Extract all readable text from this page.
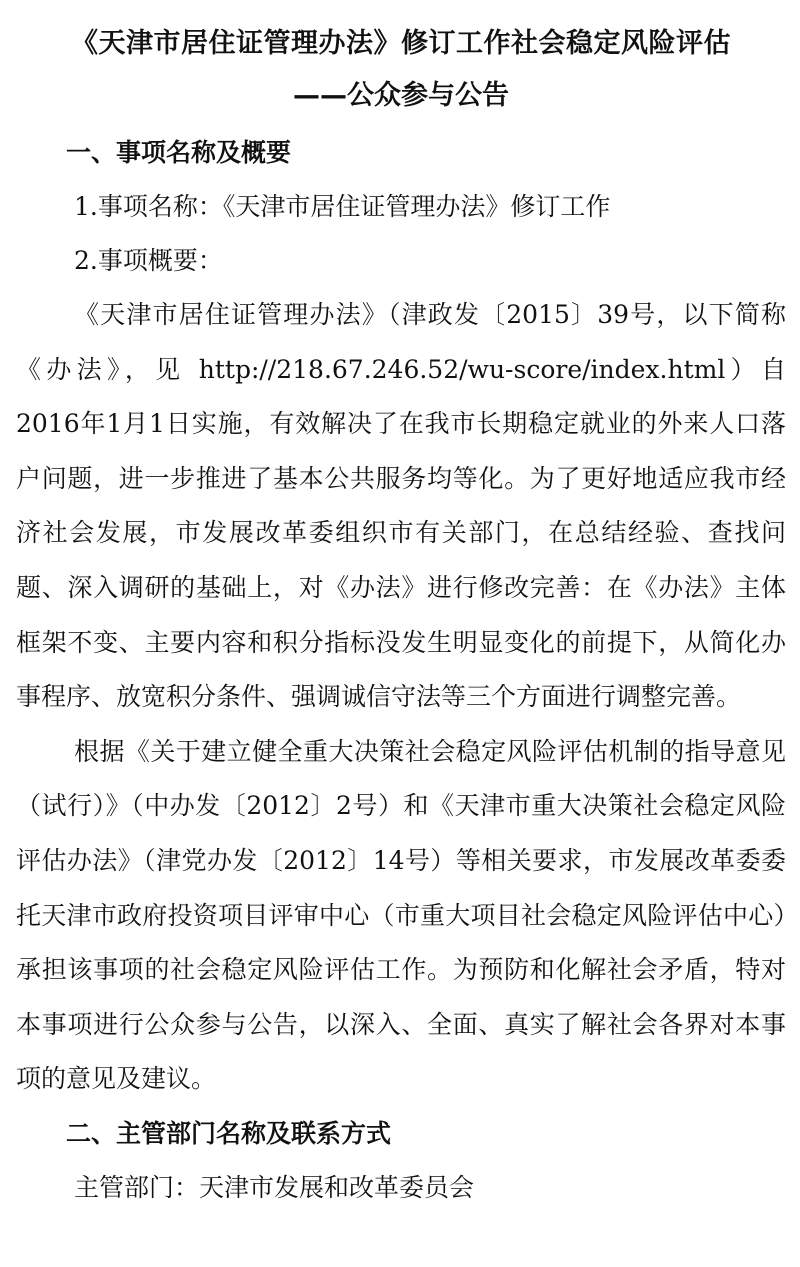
《天津市居住证管理办法》修订工作社会稳定风险评估
——公众参与公告
一、事项名称及概要

1.事项名称：《天津市居住证管理办法》修订工作

2.事项概要：

《天津市居住证管理办法》（津政发〔2015〕39号，以下简称《办法》，见 http://218.67.246.52/wu-score/index.html）自2016年1月1日实施，有效解决了在我市长期稳定就业的外来人口落户问题，进一步推进了基本公共服务均等化。为了更好地适应我市经济社会发展，市发展改革委组织市有关部门，在总结经验、查找问题、深入调研的基础上，对《办法》进行修改完善：在《办法》主体框架不变、主要内容和积分指标没发生明显变化的前提下，从简化办事程序、放宽积分条件、强调诚信守法等三个方面进行调整完善。

根据《关于建立健全重大决策社会稳定风险评估机制的指导意见（试行）》（中办发〔2012〕2号）和《天津市重大决策社会稳定风险评估办法》（津党办发〔2012〕14号）等相关要求，市发展改革委委托天津市政府投资项目评审中心（市重大项目社会稳定风险评估中心）承担该事项的社会稳定风险评估工作。为预防和化解社会矛盾，特对本事项进行公众参与公告，以深入、全面、真实了解社会各界对本事项的意见及建议。

二、主管部门名称及联系方式

主管部门：天津市发展和改革委员会
